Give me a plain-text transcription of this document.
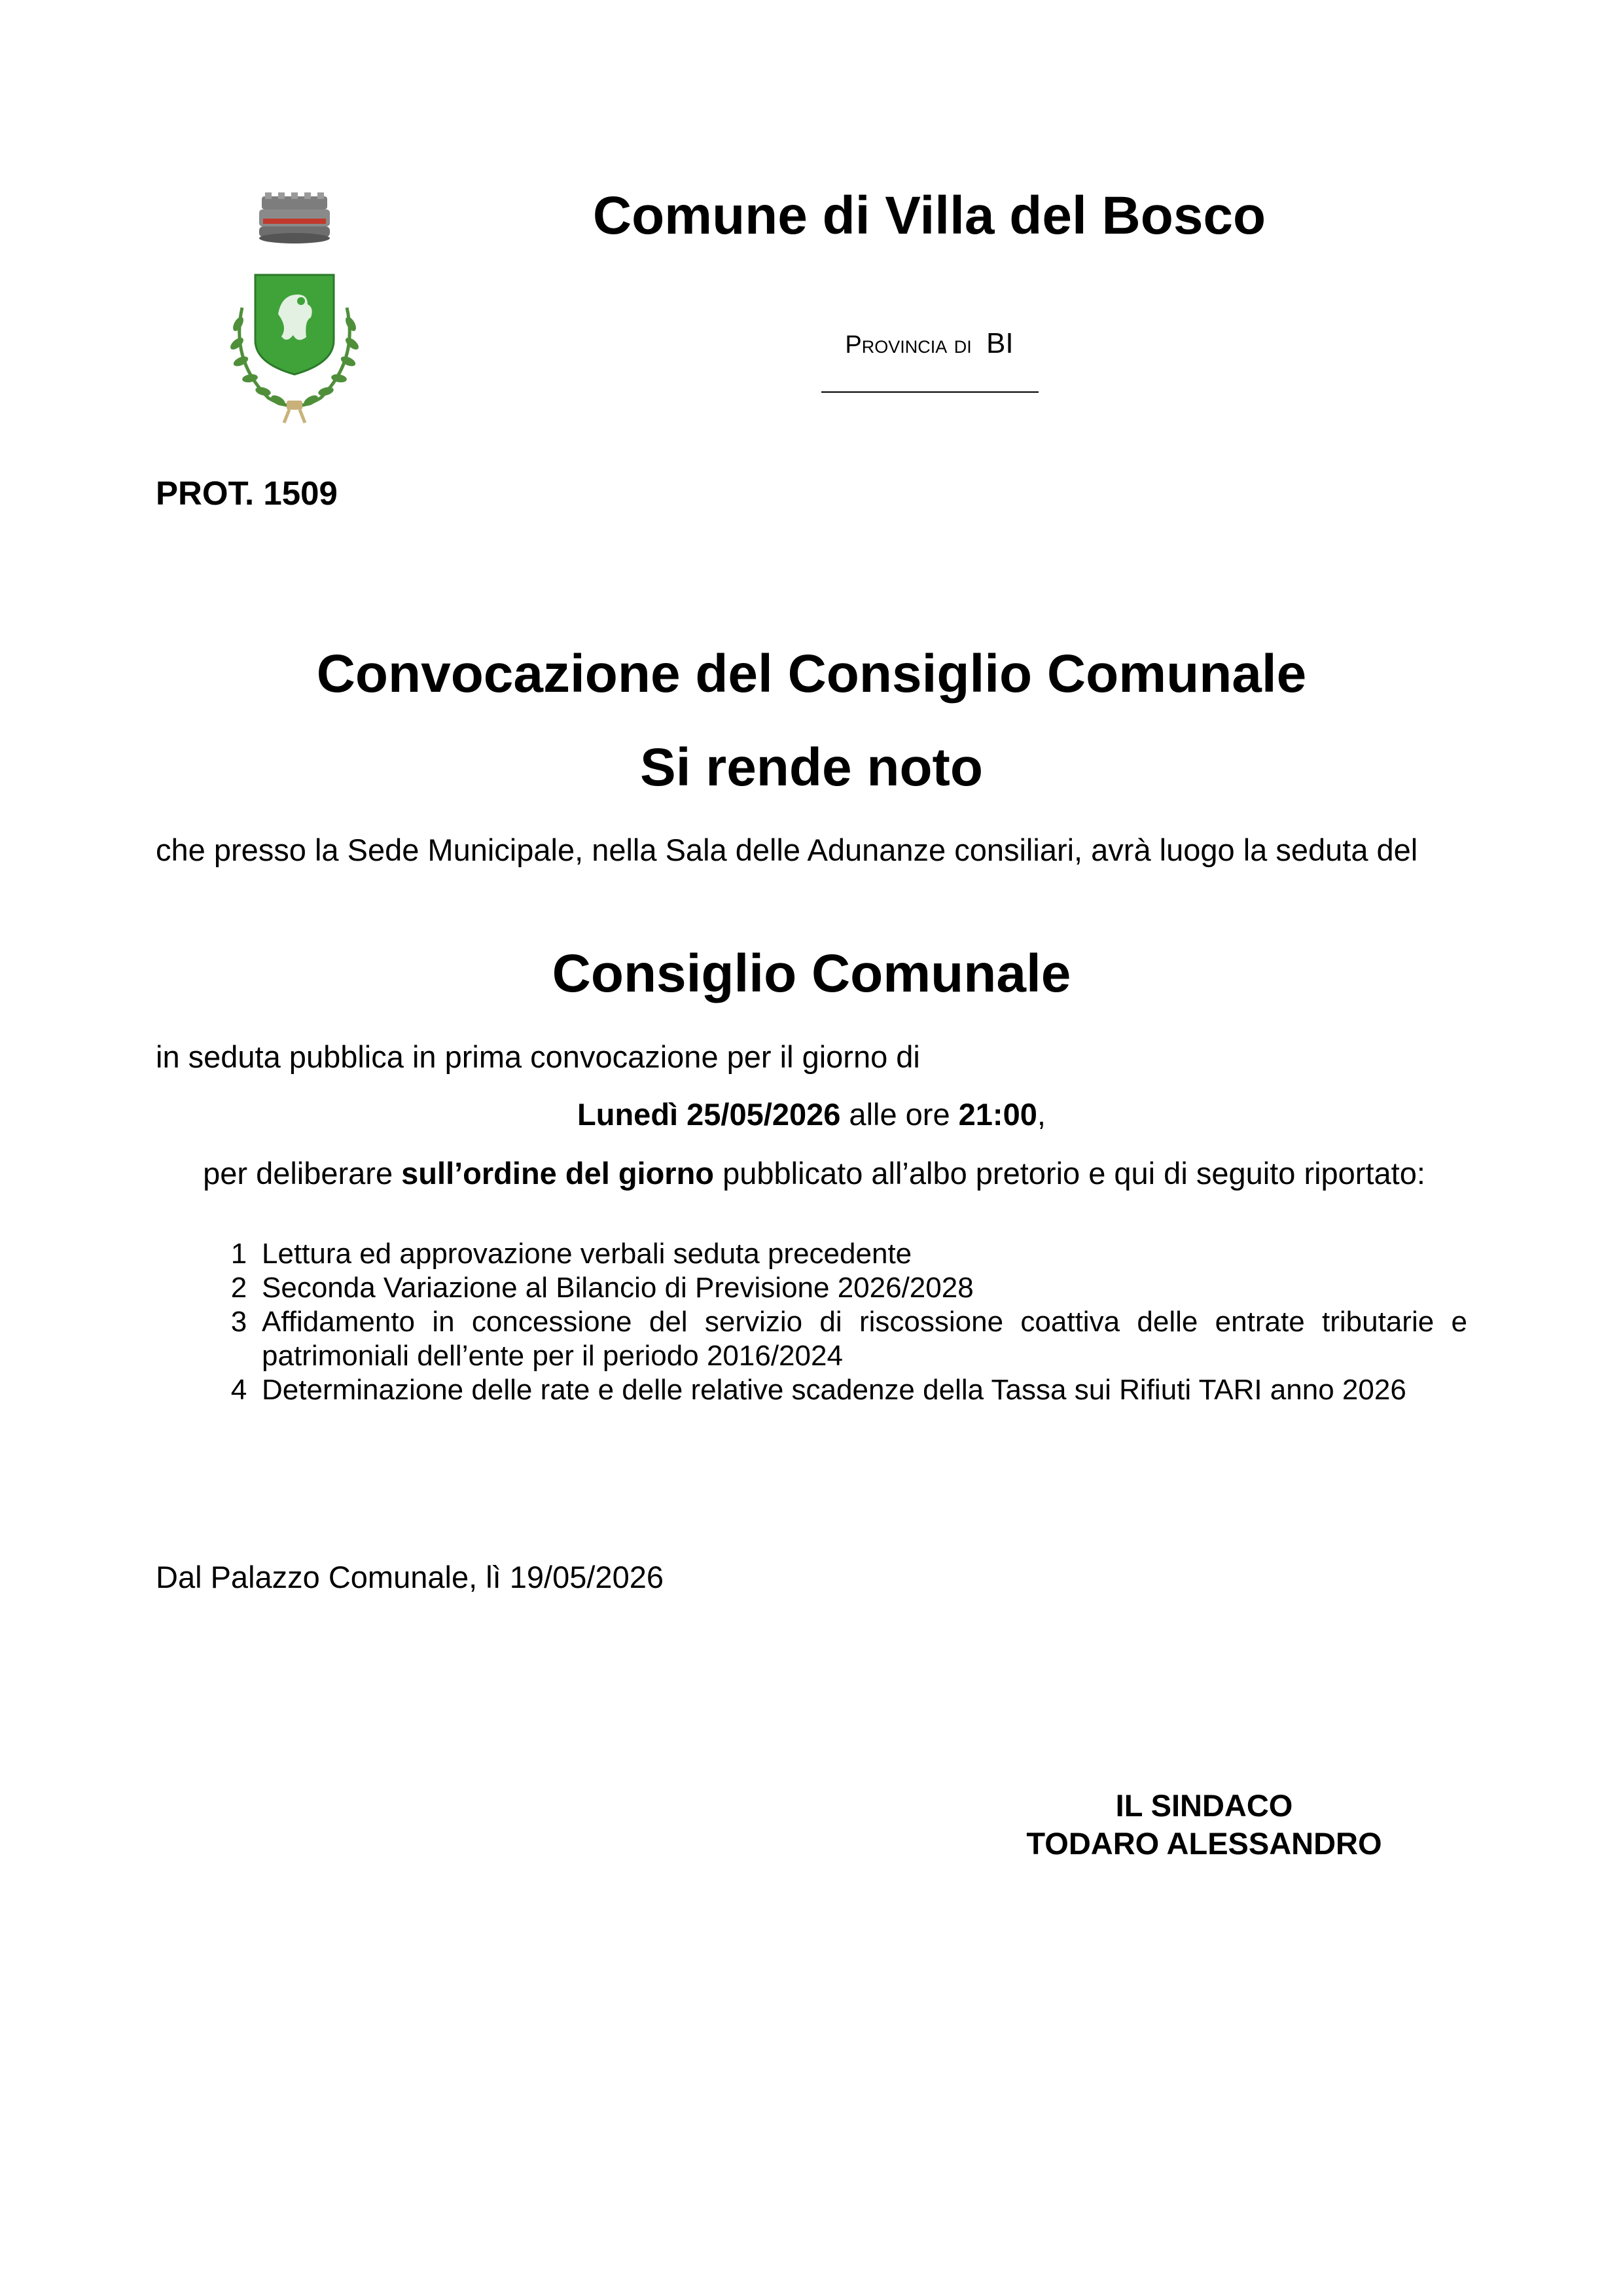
Comune di Villa del Bosco
Provincia di BI
PROT. 1509
Convocazione del Consiglio Comunale
Si rende noto
che presso la Sede Municipale, nella Sala delle Adunanze consiliari, avrà luogo la seduta del
Consiglio Comunale
in seduta pubblica in prima convocazione per il giorno di
Lunedì 25/05/2026 alle ore 21:00,
per deliberare sull’ordine del giorno pubblicato all’albo pretorio e qui di seguito riportato:
1 Lettura ed approvazione verbali seduta precedente
2 Seconda Variazione al Bilancio di Previsione 2026/2028
3 Affidamento in concessione del servizio di riscossione coattiva delle entrate tributarie e patrimoniali dell’ente per il periodo 2016/2024
4 Determinazione delle rate e delle relative scadenze della Tassa sui Rifiuti TARI anno 2026
Dal Palazzo Comunale, lì 19/05/2026
IL SINDACO
TODARO ALESSANDRO
